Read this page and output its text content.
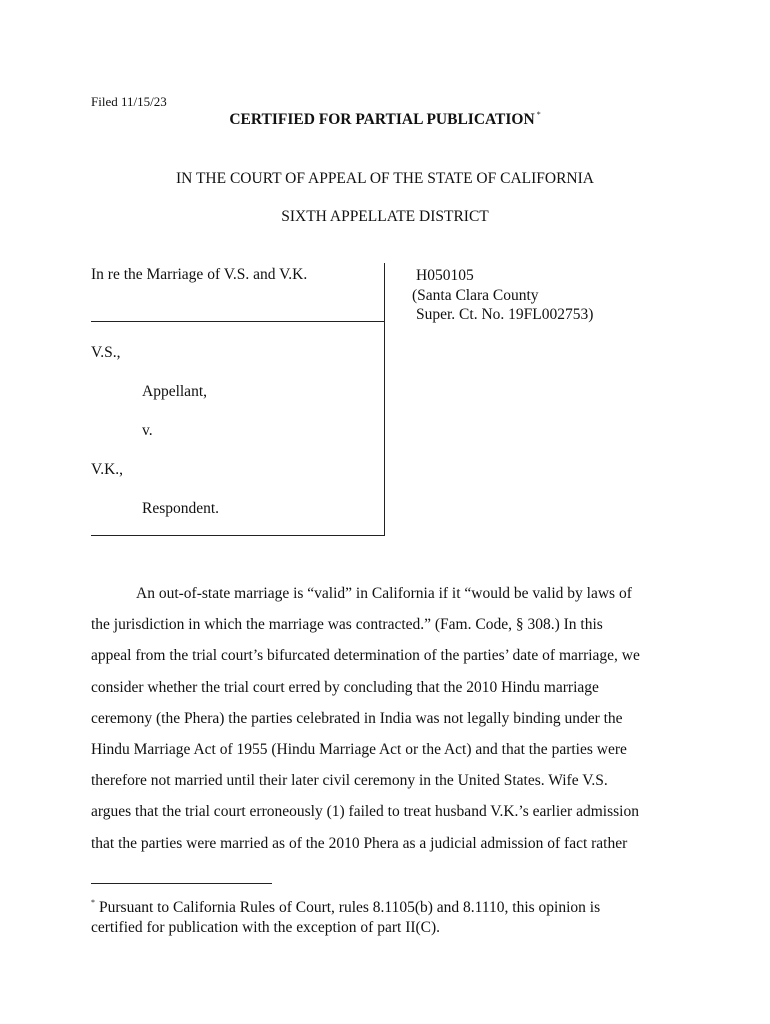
Filed 11/15/23
CERTIFIED FOR PARTIAL PUBLICATION *
IN THE COURT OF APPEAL OF THE STATE OF CALIFORNIA
SIXTH APPELLATE DISTRICT
In re the Marriage of V.S. and V.K.	H050105
(Santa Clara County
Super. Ct. No. 19FL002753)
V.S.,
Appellant,
v.
V.K.,
Respondent.
An out-of-state marriage is “valid” in California if it “would be valid by laws of
the jurisdiction in which the marriage was contracted.” (Fam. Code, § 308.) In this
appeal from the trial court’s bifurcated determination of the parties’ date of marriage, we
consider whether the trial court erred by concluding that the 2010 Hindu marriage
ceremony (the Phera) the parties celebrated in India was not legally binding under the
Hindu Marriage Act of 1955 (Hindu Marriage Act or the Act) and that the parties were
therefore not married until their later civil ceremony in the United States. Wife V.S.
argues that the trial court erroneously (1) failed to treat husband V.K.’s earlier admission
that the parties were married as of the 2010 Phera as a judicial admission of fact rather
* Pursuant to California Rules of Court, rules 8.1105(b) and 8.1110, this opinion is
certified for publication with the exception of part II(C).
